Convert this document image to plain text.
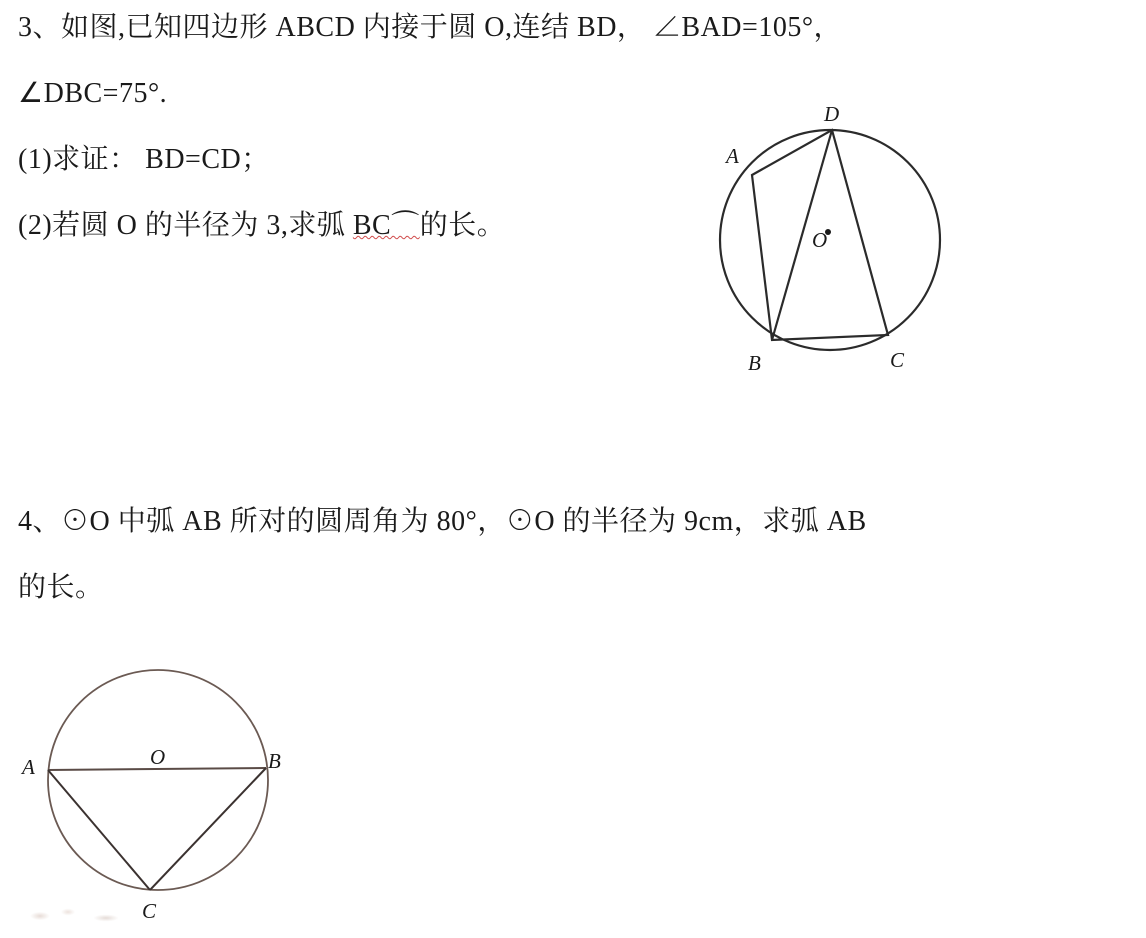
3、如图,已知四边形 ABCD 内接于圆 O,连结 BD， ∠BAD=105°，
∠DBC=75°.
(1)求证： BD=CD；
(2)若圆 O 的半径为 3,求弧 BC⌒的长。
A
B	C
D
O
4、⊙O 中弧 AB 所对的圆周角为 80°，⊙O 的半径为 9cm，求弧 AB
的长。
A	B
C
O
